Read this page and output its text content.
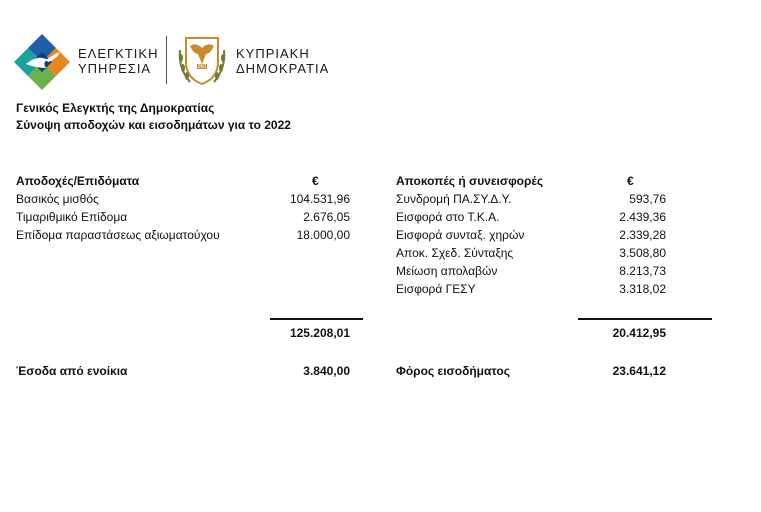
ΕΛΕΓΚΤΙΚΗ
ΥΠΗΡΕΣΙΑ	1960
ΚΥΠΡΙΑΚΗ
ΔΗΜΟΚΡΑΤΙΑ
Γενικός Ελεγκτής της Δημοκρατίας
Σύνοψη αποδοχών και εισοδημάτων για το 2022
Αποδοχές/Επιδόματα	€
Βασικός μισθός	104.531,96
Τιμαριθμικό Επίδομα	2.676,05
Επίδομα παραστάσεως αξιωματούχου	18.000,00
125.208,01
Έσοδα από ενοίκια	3.840,00
Αποκοπές ή συνεισφορές	€
Συνδρομή ΠΑ.ΣΥ.Δ.Υ.	593,76
Εισφορά στο Τ.Κ.Α.	2.439,36
Εισφορά συνταξ. χηρών	2.339,28
Αποκ. Σχεδ. Σύνταξης	3.508,80
Μείωση απολαβών	8.213,73
Εισφορά ΓΕΣΥ	3.318,02
20.412,95
Φόρος εισοδήματος	23.641,12
